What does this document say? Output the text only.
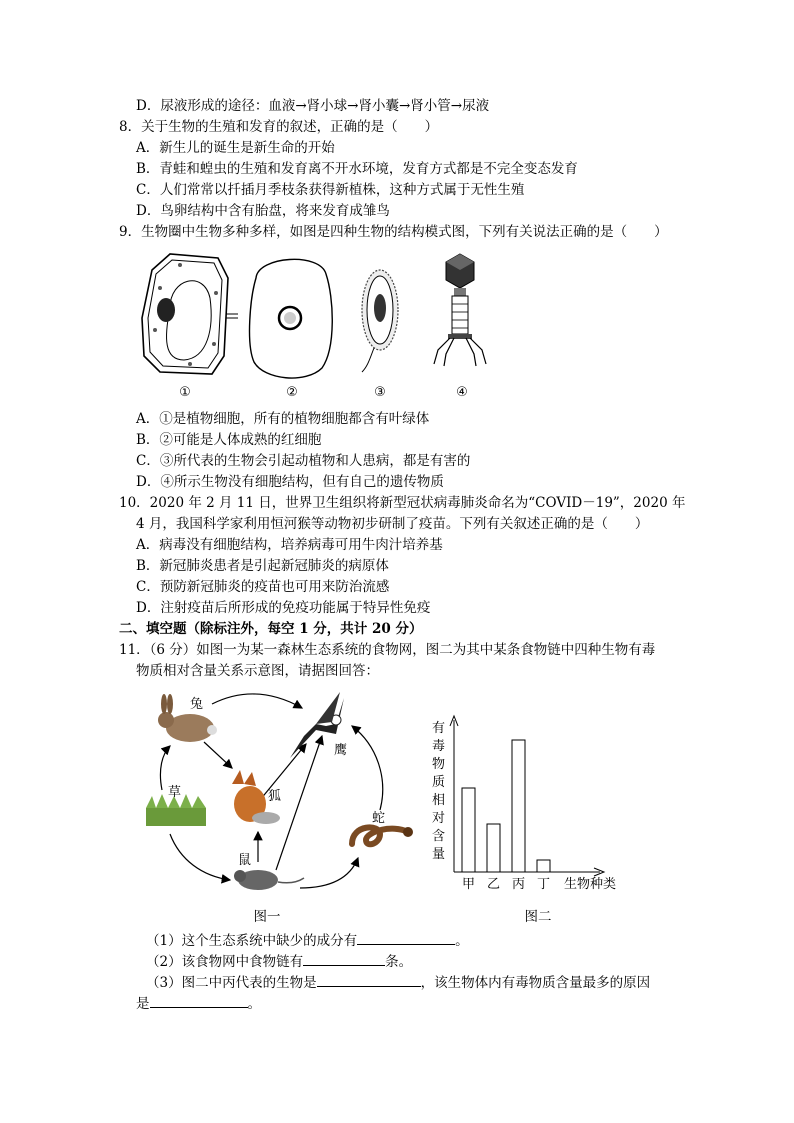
D．尿液形成的途径：血液→肾小球→肾小囊→肾小管→尿液
8．关于生物的生殖和发育的叙述，正确的是（　　）
A．新生儿的诞生是新生命的开始
B．青蛙和蝗虫的生殖和发育离不开水环境，发育方式都是不完全变态发育
C．人们常常以扦插月季枝条获得新植株，这种方式属于无性生殖
D．鸟卵结构中含有胎盘，将来发育成雏鸟
9．生物圈中生物多种多样，如图是四种生物的结构模式图，下列有关说法正确的是（　　）
①	②	③	④
A．①是植物细胞，所有的植物细胞都含有叶绿体
B．②可能是人体成熟的红细胞
C．③所代表的生物会引起动植物和人患病，都是有害的
D．④所示生物没有细胞结构，但有自己的遗传物质
10．2020 年 2 月 11 日，世界卫生组织将新型冠状病毒肺炎命名为“COVID－19”，2020 年
4 月，我国科学家利用恒河猴等动物初步研制了疫苗。下列有关叙述正确的是（　　）
A．病毒没有细胞结构，培养病毒可用牛肉汁培养基
B．新冠肺炎患者是引起新冠肺炎的病原体
C．预防新冠肺炎的疫苗也可用来防治流感
D．注射疫苗后所形成的免疫功能属于特异性免疫
二、填空题（除标注外，每空 1 分，共计 20 分）
11．（6 分）如图一为某一森林生态系统的食物网，图二为其中某条食物链中四种生物有毒
物质相对含量关系示意图，请据图回答：
兔
鹰
草	狐
蛇
鼠
图一
有
毒
物
质
相
对
含
量
甲 乙 丙 丁 生物种类
图二
（1）这个生态系统中缺少的成分有	。
（2）该食物网中食物链有	条。
（3）图二中丙代表的生物是	，该生物体内有毒物质含量最多的原因
是	。
